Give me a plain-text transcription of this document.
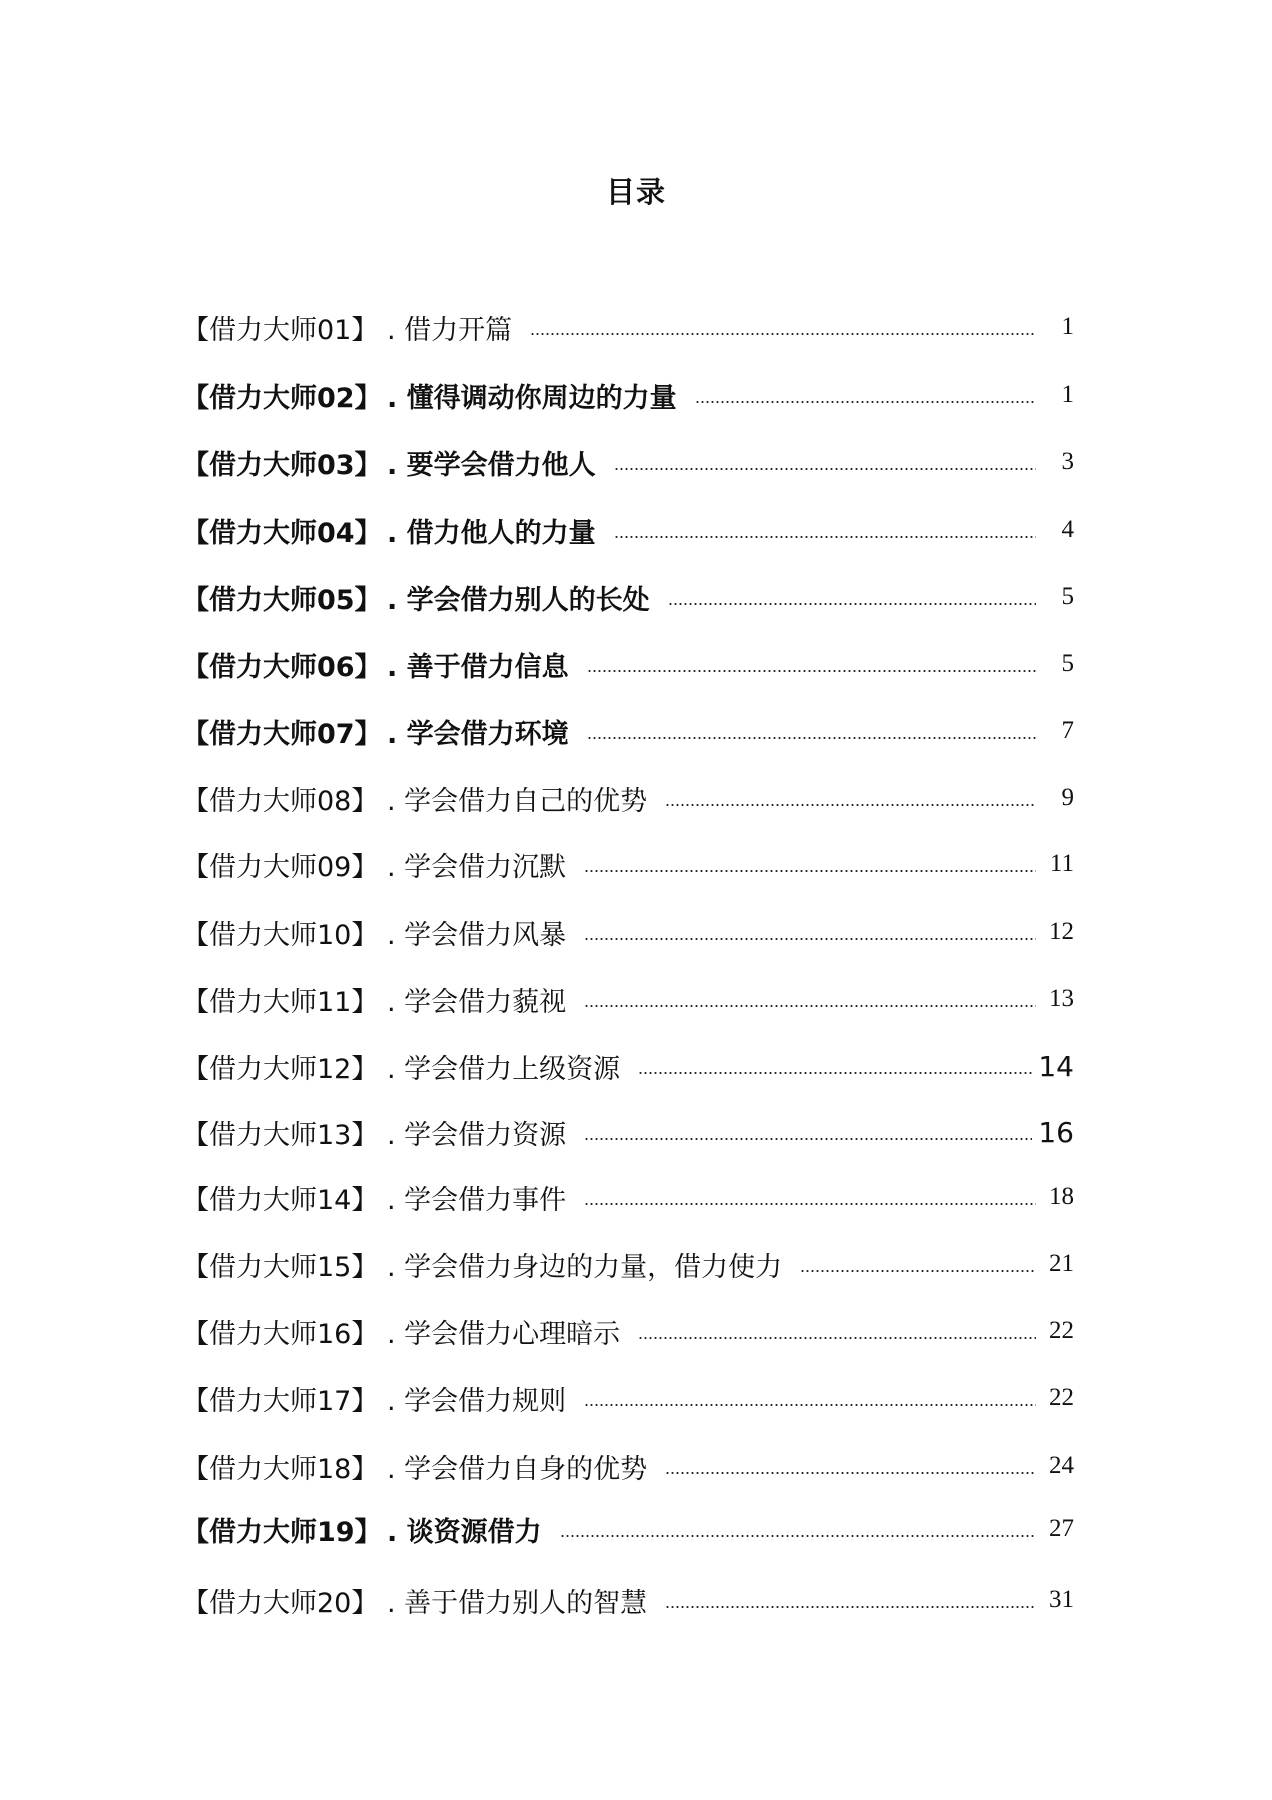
目录
【借力大师01】 . 借力开篇	1
【借力大师02】 . 懂得调动你周边的力量	1
【借力大师03】 . 要学会借力他人	3
【借力大师04】 . 借力他人的力量	4
【借力大师05】 . 学会借力别人的长处	5
【借力大师06】 . 善于借力信息	5
【借力大师07】 . 学会借力环境	7
【借力大师08】 . 学会借力自己的优势	9
【借力大师09】 . 学会借力沉默	11
【借力大师10】 . 学会借力风暴	12
【借力大师11】 . 学会借力藐视	13
【借力大师12】 . 学会借力上级资源	14
【借力大师13】 . 学会借力资源	16
【借力大师14】 . 学会借力事件	18
【借力大师15】 . 学会借力身边的力量，借力使力	21
【借力大师16】 . 学会借力心理暗示	22
【借力大师17】 . 学会借力规则	22
【借力大师18】 . 学会借力自身的优势	24
【借力大师19】 . 谈资源借力	27
【借力大师20】 . 善于借力别人的智慧	31
